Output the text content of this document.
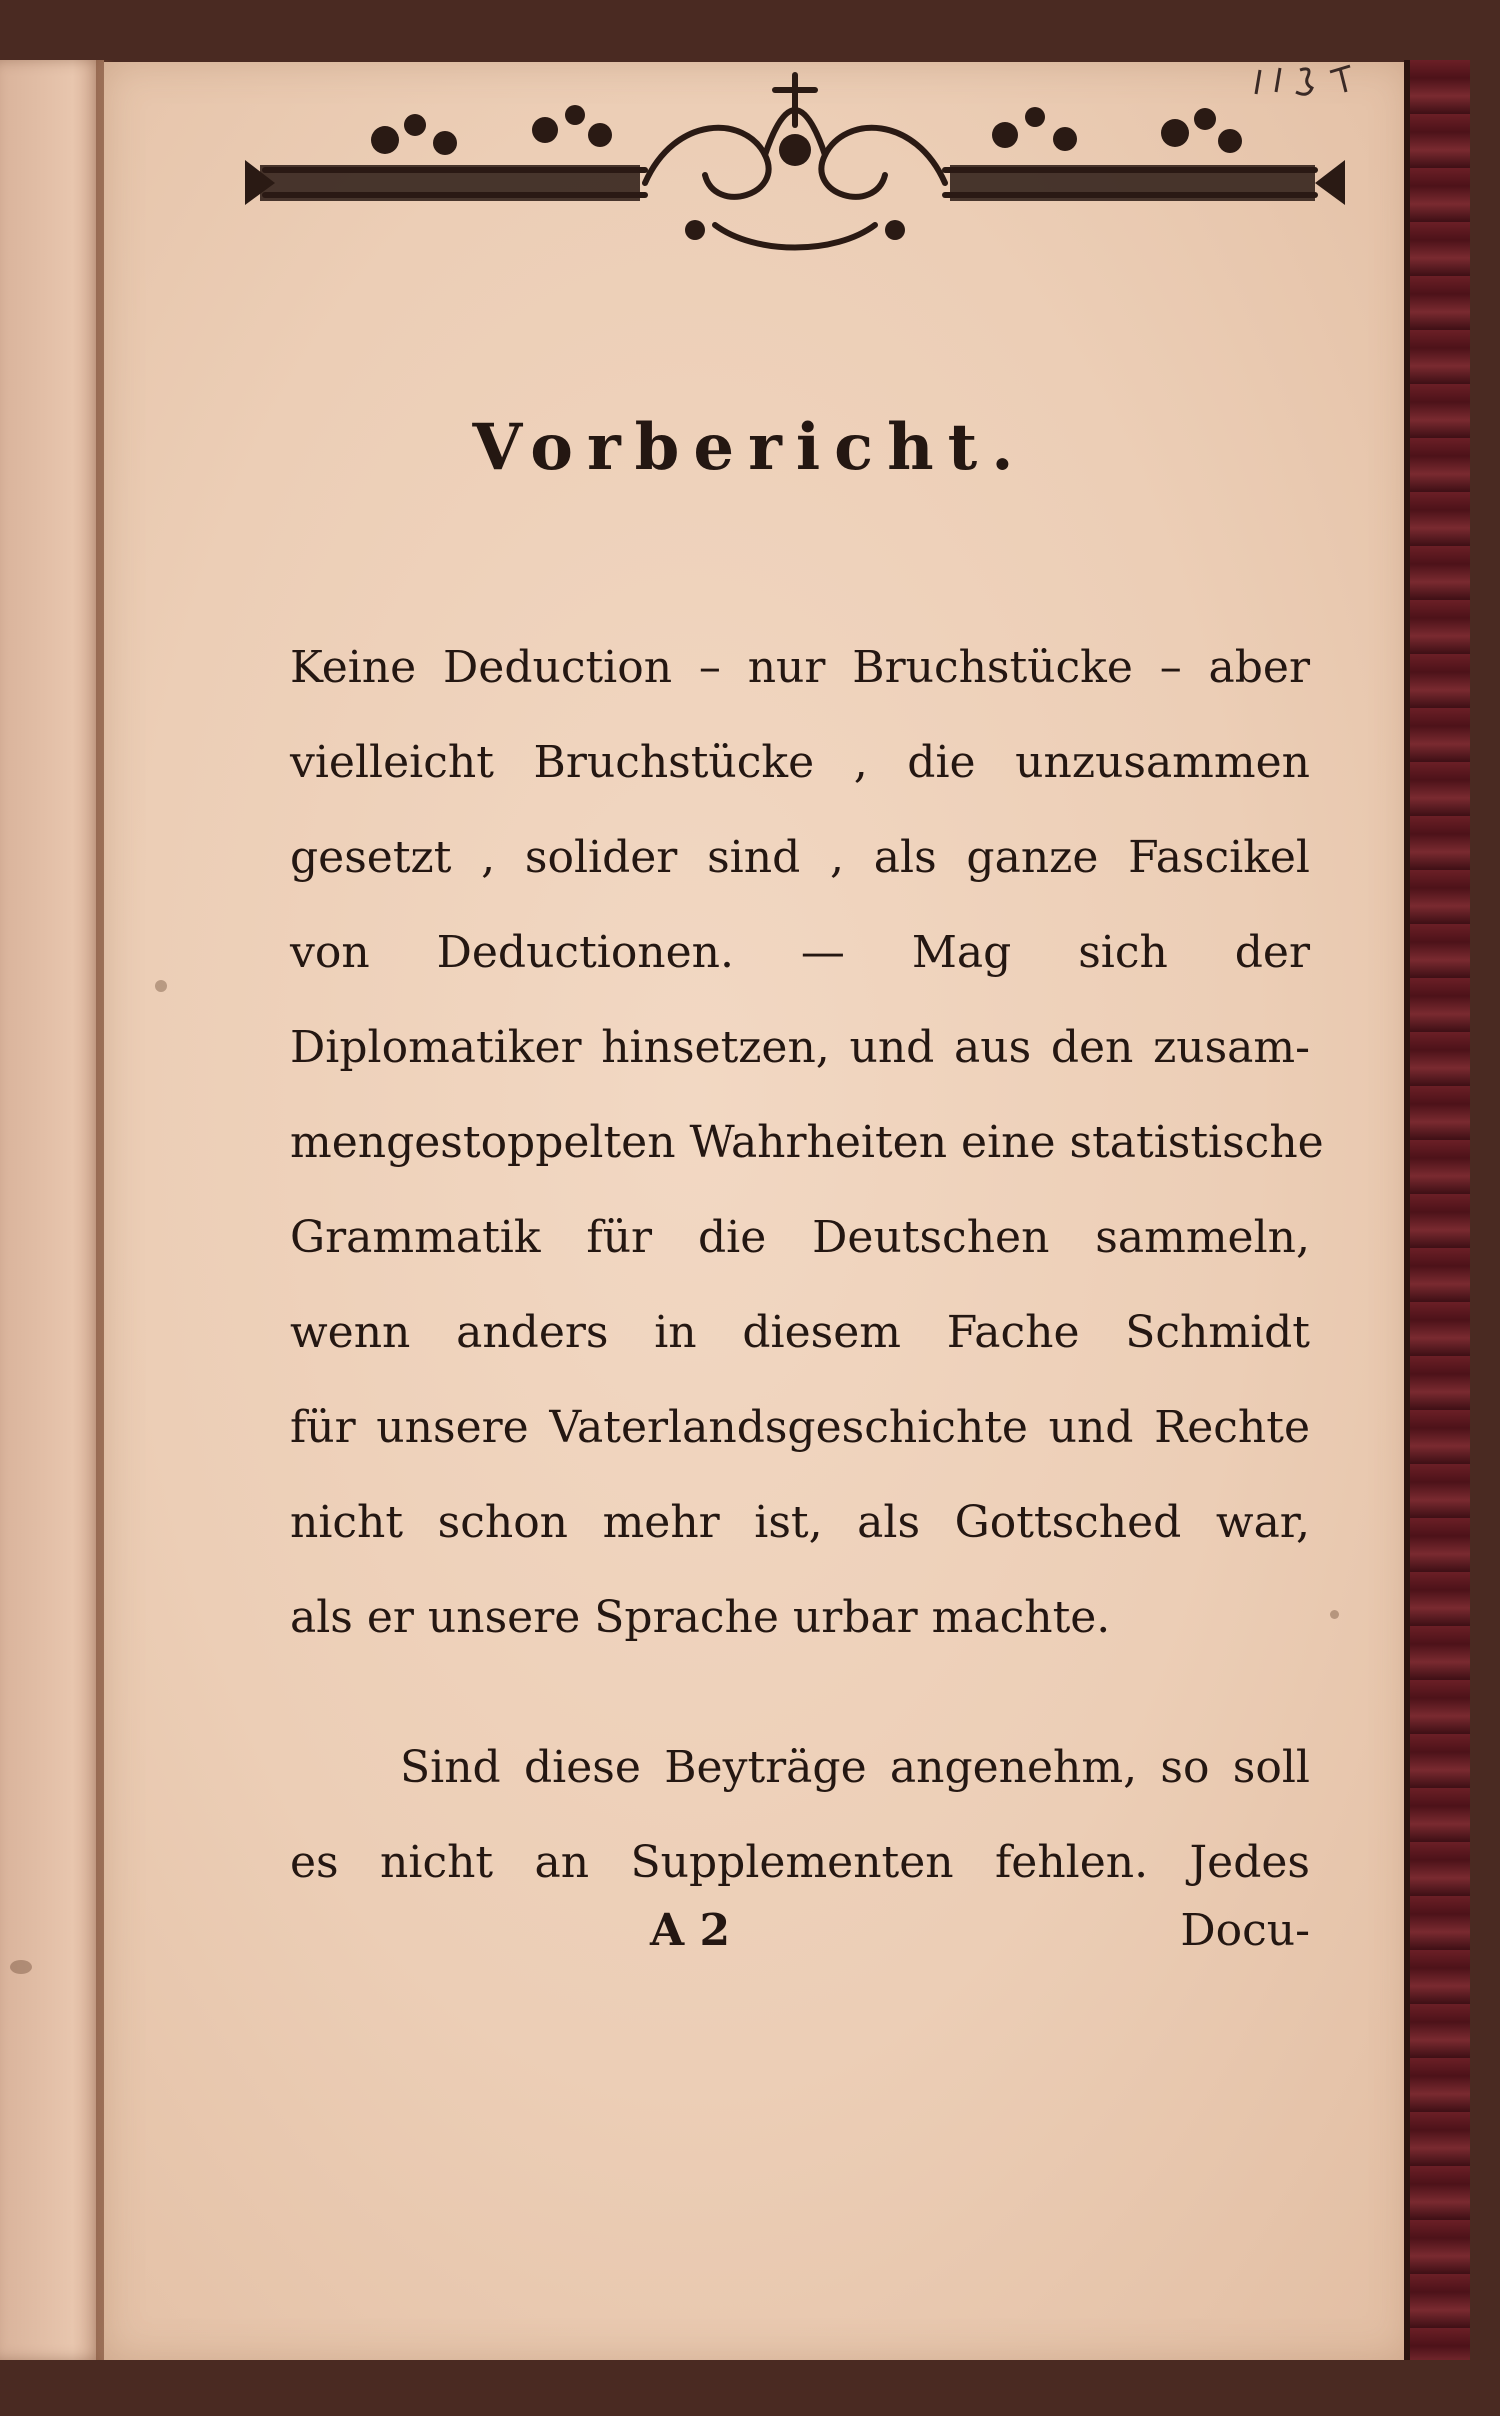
Vorbericht.
Keine Deduction – nur Bruchstücke – aber
vielleicht Bruchstücke , die unzusammen
gesetzt , solider sind , als ganze Fascikel
von Deductionen. — Mag sich der
Diplomatiker hinsetzen, und aus den zusam-
mengestoppelten Wahrheiten eine statistische
Grammatik für die Deutschen sammeln,
wenn anders in diesem Fache Schmidt
für unsere Vaterlandsgeschichte und Rechte
nicht schon mehr ist, als Gottsched war,
als er unsere Sprache urbar machte.
Sind diese Beyträge angenehm, so soll
es nicht an Supplementen fehlen. Jedes
A 2	Docu-
